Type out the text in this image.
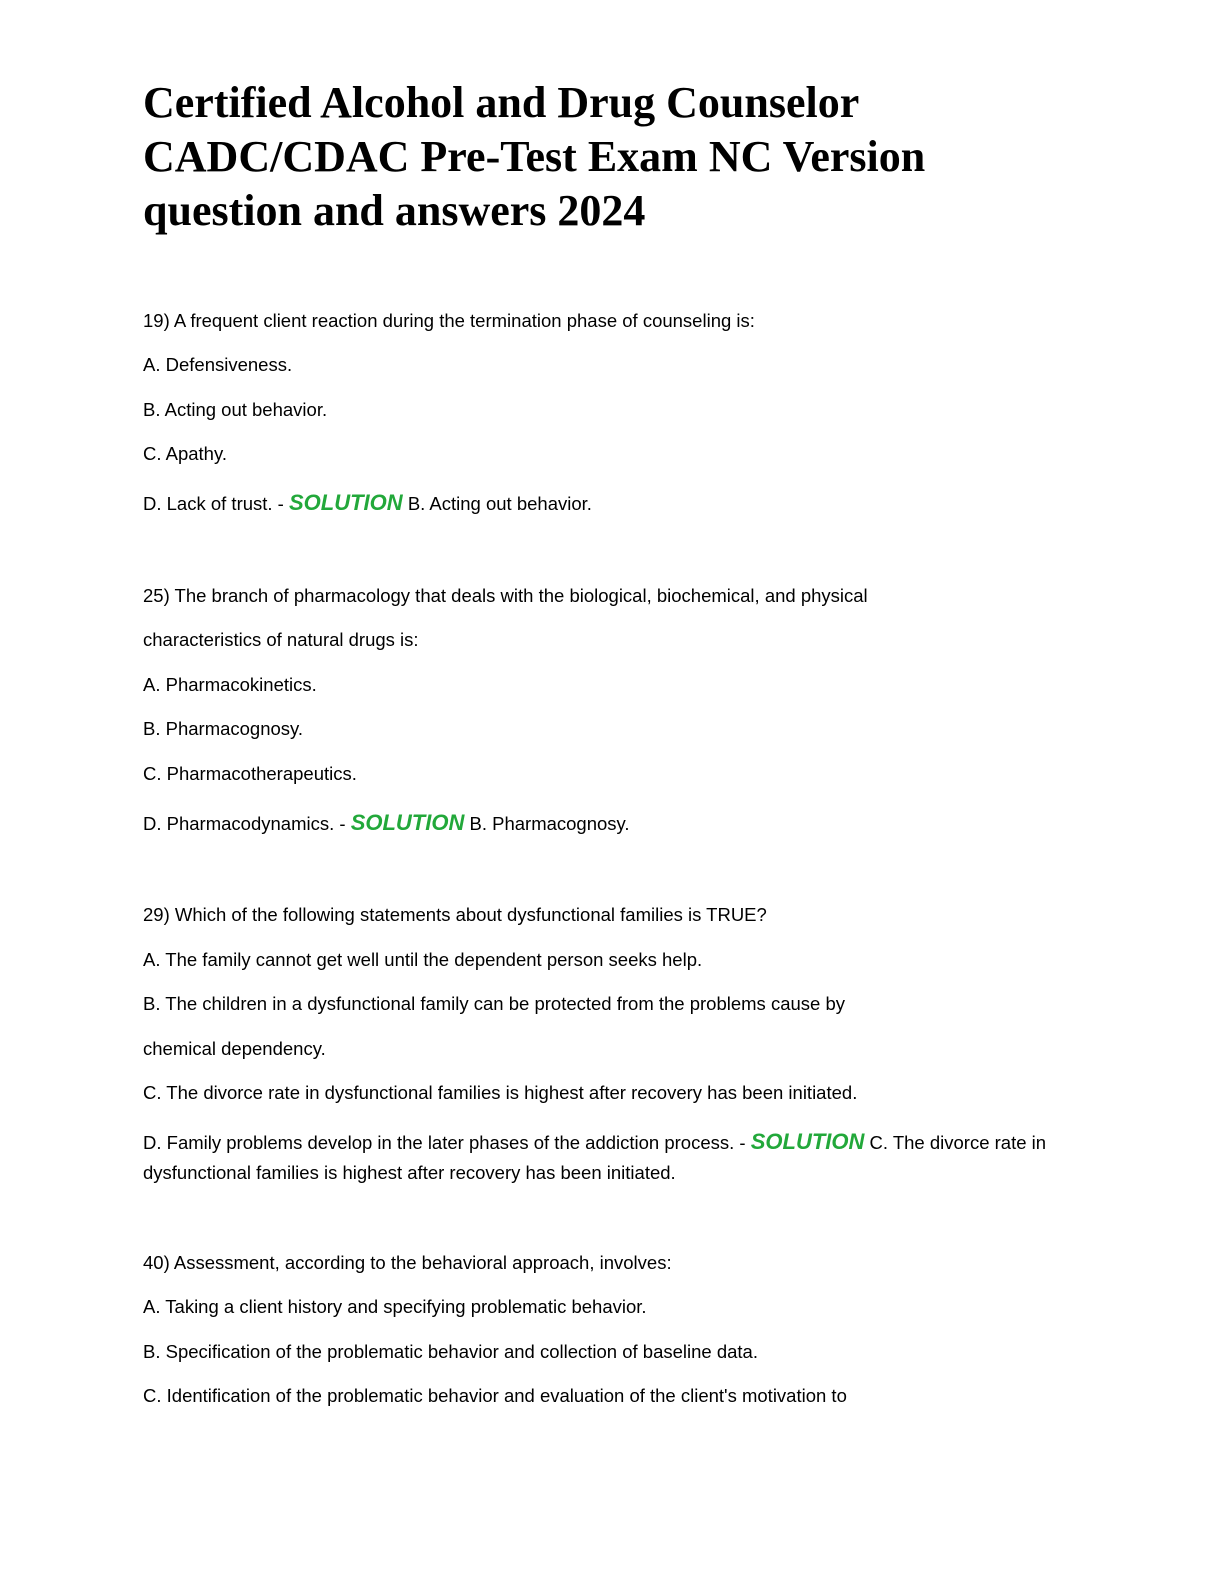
Certified Alcohol and Drug Counselor CADC/CDAC Pre-Test Exam NC Version question and answers 2024

19) A frequent client reaction during the termination phase of counseling is:

A. Defensiveness.

B. Acting out behavior.

C. Apathy.

D. Lack of trust. - SOLUTION B. Acting out behavior.

25) The branch of pharmacology that deals with the biological, biochemical, and physical

characteristics of natural drugs is:

A. Pharmacokinetics.

B. Pharmacognosy.

C. Pharmacotherapeutics.

D. Pharmacodynamics. - SOLUTION B. Pharmacognosy.

29) Which of the following statements about dysfunctional families is TRUE?

A. The family cannot get well until the dependent person seeks help.

B. The children in a dysfunctional family can be protected from the problems cause by

chemical dependency.

C. The divorce rate in dysfunctional families is highest after recovery has been initiated.

D. Family problems develop in the later phases of the addiction process. - SOLUTION C. The divorce rate in dysfunctional families is highest after recovery has been initiated.

40) Assessment, according to the behavioral approach, involves:

A. Taking a client history and specifying problematic behavior.

B. Specification of the problematic behavior and collection of baseline data.

C. Identification of the problematic behavior and evaluation of the client's motivation to
